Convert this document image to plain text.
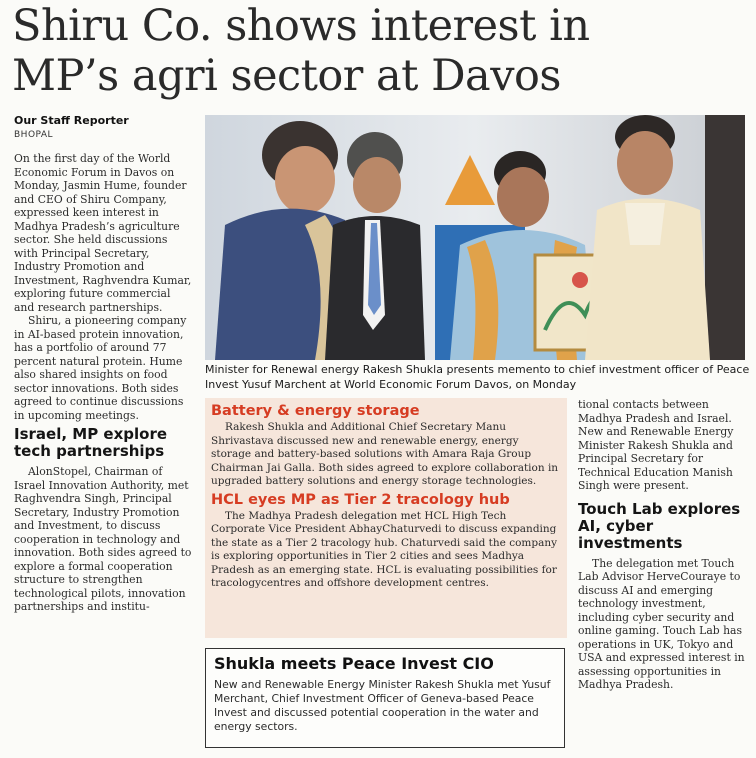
Shiru Co. shows interest in
MP’s agri sector at Davos
Our Staff Reporter
BHOPAL

On the first day of the World Economic Forum in Davos on Monday, Jasmin Hume, founder and CEO of Shiru Company, expressed keen interest in Madhya Pradesh’s agriculture sector. She held discussions with Principal Secretary, Industry Promotion and Investment, Raghvendra Kumar, exploring future commercial and research partnerships.

Shiru, a pioneering company in AI-based protein innovation, has a portfolio of around 77 percent natural protein. Hume also shared insights on food sector innovations. Both sides agreed to continue discussions in upcoming meetings.

Israel, MP explore tech partnerships

AlonStopel, Chairman of Israel Innovation Authority, met Raghvendra Singh, Principal Secretary, Industry Promotion and Investment, to discuss cooperation in technology and innovation. Both sides agreed to explore a formal cooperation structure to strengthen technological pilots, innovation partnerships and institu-

Minister for Renewal energy Rakesh Shukla presents memento to chief investment officer of Peace Invest Yusuf Marchent at World Economic Forum Davos, on Monday
Battery & energy storage

Rakesh Shukla and Additional Chief Secretary Manu Shrivastava discussed new and renewable energy, energy storage and battery-based solutions with Amara Raja Group Chairman Jai Galla. Both sides agreed to explore collaboration in upgraded battery solutions and energy storage technologies.

HCL eyes MP as Tier 2 tracology hub

The Madhya Pradesh delegation met HCL High Tech Corporate Vice President AbhayChaturvedi to discuss expanding the state as a Tier 2 tracology hub. Chaturvedi said the company is exploring opportunities in Tier 2 cities and sees Madhya Pradesh as an emerging state. HCL is evaluating possibilities for tracologycentres and offshore development centres.

Shukla meets Peace Invest CIO
New and Renewable Energy Minister Rakesh Shukla met Yusuf Merchant, Chief Investment Officer of Geneva-based Peace Invest and discussed potential cooperation in the water and energy sectors.

tional contacts between Madhya Pradesh and Israel. New and Renewable Energy Minister Rakesh Shukla and Principal Secretary for Technical Education Manish Singh were present.

Touch Lab explores AI, cyber investments

The delegation met Touch Lab Advisor HerveCouraye to discuss AI and emerging technology investment, including cyber security and online gaming. Touch Lab has operations in UK, Tokyo and USA and expressed interest in assessing opportunities in Madhya Pradesh.
